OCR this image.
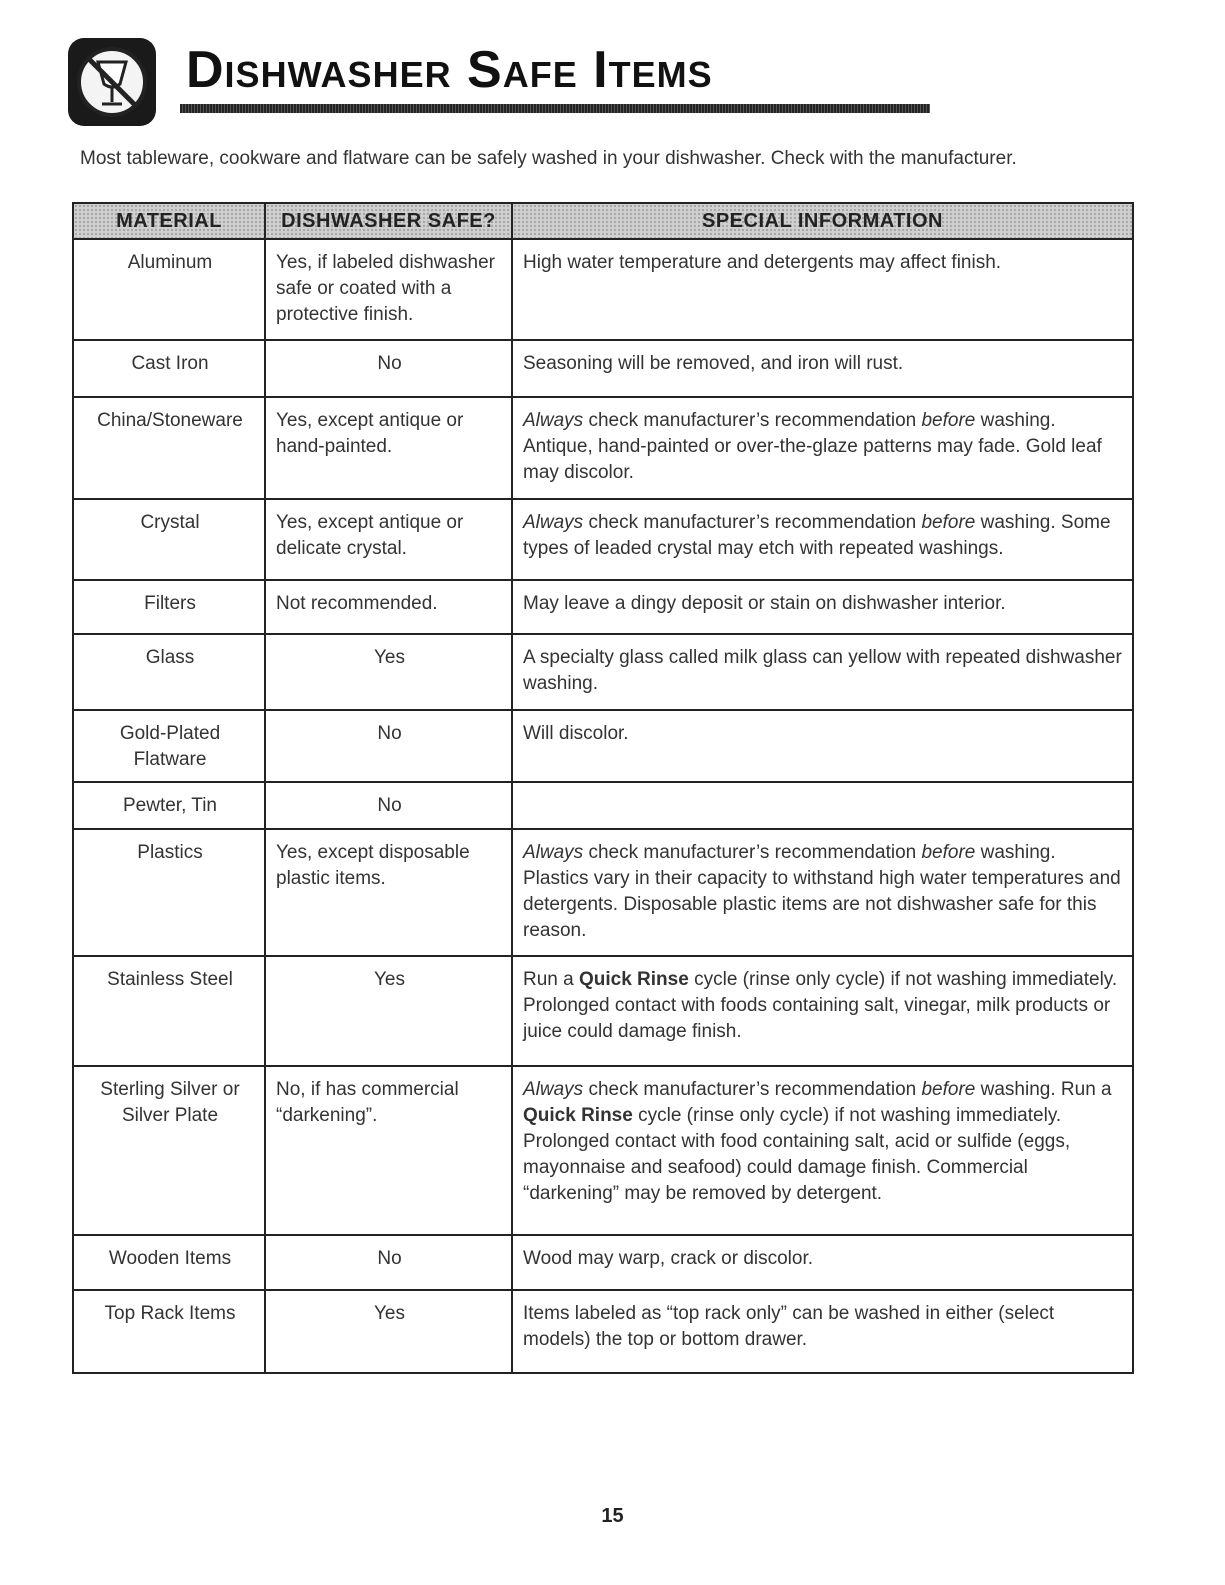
Dishwasher Safe Items

Most tableware, cookware and flatware can be safely washed in your dishwasher. Check with the manufacturer.

MATERIAL	DISHWASHER SAFE?	SPECIAL INFORMATION
Aluminum	Yes, if labeled dishwasher safe or coated with a protective finish.	High water temperature and detergents may affect finish.
Cast Iron	No	Seasoning will be removed, and iron will rust.
China/Stoneware	Yes, except antique or hand-painted.	Always check manufacturer’s recommendation before washing. Antique, hand-painted or over-the-glaze patterns may fade. Gold leaf may discolor.
Crystal	Yes, except antique or delicate crystal.	Always check manufacturer’s recommendation before washing. Some types of leaded crystal may etch with repeated washings.
Filters	Not recommended.	May leave a dingy deposit or stain on dishwasher interior.
Glass	Yes	A specialty glass called milk glass can yellow with repeated dishwasher washing.
Gold-Plated Flatware	No	Will discolor.
Pewter, Tin	No	
Plastics	Yes, except disposable plastic items.	Always check manufacturer’s recommendation before washing. Plastics vary in their capacity to withstand high water temperatures and detergents. Disposable plastic items are not dishwasher safe for this reason.
Stainless Steel	Yes	Run a Quick Rinse cycle (rinse only cycle) if not washing immediately. Prolonged contact with foods containing salt, vinegar, milk products or juice could damage finish.
Sterling Silver or Silver Plate	No, if has commercial “darkening”.	Always check manufacturer’s recommendation before washing. Run a Quick Rinse cycle (rinse only cycle) if not washing immediately. Prolonged contact with food containing salt, acid or sulfide (eggs, mayonnaise and seafood) could damage finish. Commercial “darkening” may be removed by detergent.
Wooden Items	No	Wood may warp, crack or discolor.
Top Rack Items	Yes	Items labeled as “top rack only” can be washed in either (select models) the top or bottom drawer.
15
